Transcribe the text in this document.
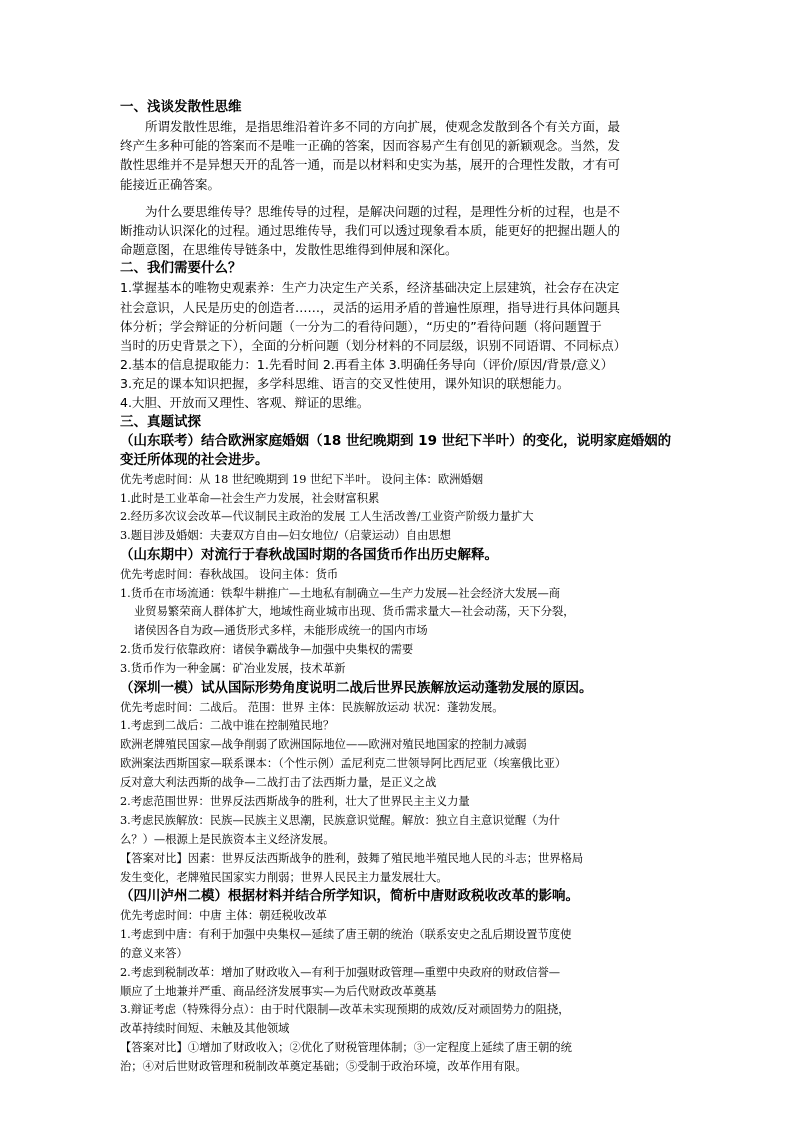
一、浅谈发散性思维

所谓发散性思维，是指思维沿着许多不同的方向扩展，使观念发散到各个有关方面，最

终产生多种可能的答案而不是唯一正确的答案，因而容易产生有创见的新颖观念。当然，发

散性思维并不是异想天开的乱答一通，而是以材料和史实为基，展开的合理性发散，才有可

能接近正确答案。

为什么要思维传导？思维传导的过程，是解决问题的过程，是理性分析的过程，也是不

断推动认识深化的过程。通过思维传导，我们可以透过现象看本质，能更好的把握出题人的

命题意图，在思维传导链条中，发散性思维得到伸展和深化。

二、我们需要什么？

1.掌握基本的唯物史观素养：生产力决定生产关系，经济基础决定上层建筑，社会存在决定

社会意识，人民是历史的创造者……，灵活的运用矛盾的普遍性原理，指导进行具体问题具

体分析；学会辩证的分析问题（一分为二的看待问题），“历史的”看待问题（将问题置于

当时的历史背景之下），全面的分析问题（划分材料的不同层级，识别不同语谓、不同标点）

2.基本的信息提取能力：1.先看时间 2.再看主体 3.明确任务导向（评价/原因/背景/意义）

3.充足的课本知识把握，多学科思维、语言的交叉性使用，课外知识的联想能力。

4.大胆、开放而又理性、客观、辩证的思维。

三、真题试探

（山东联考）结合欧洲家庭婚姻（18 世纪晚期到 19 世纪下半叶）的变化，说明家庭婚姻的

变迁所体现的社会进步。

优先考虑时间：从 18 世纪晚期到 19 世纪下半叶。 设问主体：欧洲婚姻

1.此时是工业革命—社会生产力发展，社会财富积累

2.经历多次议会改革—代议制民主政治的发展 工人生活改善/工业资产阶级力量扩大

3.题目涉及婚姻：夫妻双方自由—妇女地位/（启蒙运动）自由思想

（山东期中）对流行于春秋战国时期的各国货币作出历史解释。

优先考虑时间：春秋战国。 设问主体：货币

1.货币在市场流通：铁犁牛耕推广—土地私有制确立—生产力发展—社会经济大发展—商

业贸易繁荣商人群体扩大，地域性商业城市出现、货币需求量大—社会动荡，天下分裂，

诸侯因各自为政—通货形式多样，未能形成统一的国内市场

2.货币发行依靠政府：诸侯争霸战争—加强中央集权的需要

3.货币作为一种金属：矿冶业发展，技术革新

（深圳一模）试从国际形势角度说明二战后世界民族解放运动蓬勃发展的原因。

优先考虑时间：二战后。 范围：世界 主体：民族解放运动 状况：蓬勃发展。

1.考虑到二战后：二战中谁在控制殖民地？

欧洲老牌殖民国家—战争削弱了欧洲国际地位——欧洲对殖民地国家的控制力减弱

欧洲案法西斯国家—联系课本：（个性示例）孟尼利克二世领导阿比西尼亚（埃塞俄比亚）

反对意大利法西斯的战争—二战打击了法西斯力量，是正义之战

2.考虑范围世界：世界反法西斯战争的胜利，壮大了世界民主主义力量

3.考虑民族解放：民族—民族主义思潮，民族意识觉醒。解放：独立自主意识觉醒（为什

么？）—根源上是民族资本主义经济发展。

【答案对比】因素：世界反法西斯战争的胜利，鼓舞了殖民地半殖民地人民的斗志；世界格局

发生变化，老牌殖民国家实力削弱；世界人民民主力量发展壮大。

（四川泸州二模）根据材料并结合所学知识，简析中唐财政税收改革的影响。

优先考虑时间：中唐 主体：朝廷税收改革

1.考虑到中唐：有利于加强中央集权—延续了唐王朝的统治（联系安史之乱后期设置节度使

的意义来答）

2.考虑到税制改革：增加了财政收入—有利于加强财政管理—重塑中央政府的财政信誉—

顺应了土地兼并严重、商品经济发展事实—为后代财政改革奠基

3.辩证考虑（特殊得分点）：由于时代限制—改革未实现预期的成效/反对顽固势力的阻挠，

改革持续时间短、未触及其他领域

【答案对比】①增加了财政收入；②优化了财税管理体制；③一定程度上延续了唐王朝的统

治；④对后世财政管理和税制改革奠定基础；⑤受制于政治环境，改革作用有限。
